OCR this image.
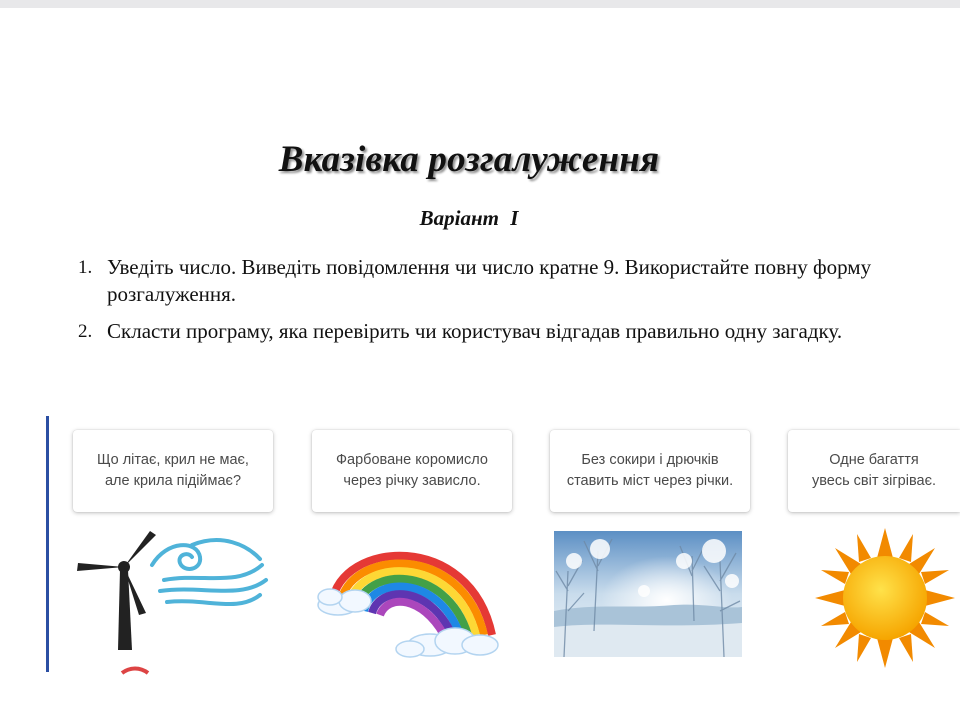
Вказівка розгалуження
Варіант І
1. Уведіть число. Виведіть повідомлення чи число кратне 9. Використайте повну форму розгалуження.
2. Скласти програму, яка перевірить чи користувач відгадав правильно одну загадку.
Що літає, крил не має,
але крила підіймає?
Фарбоване коромисло
через річку зависло.
Без сокири і дрючків
ставить міст через річки.
Одне багаття
увесь світ зігріває.
